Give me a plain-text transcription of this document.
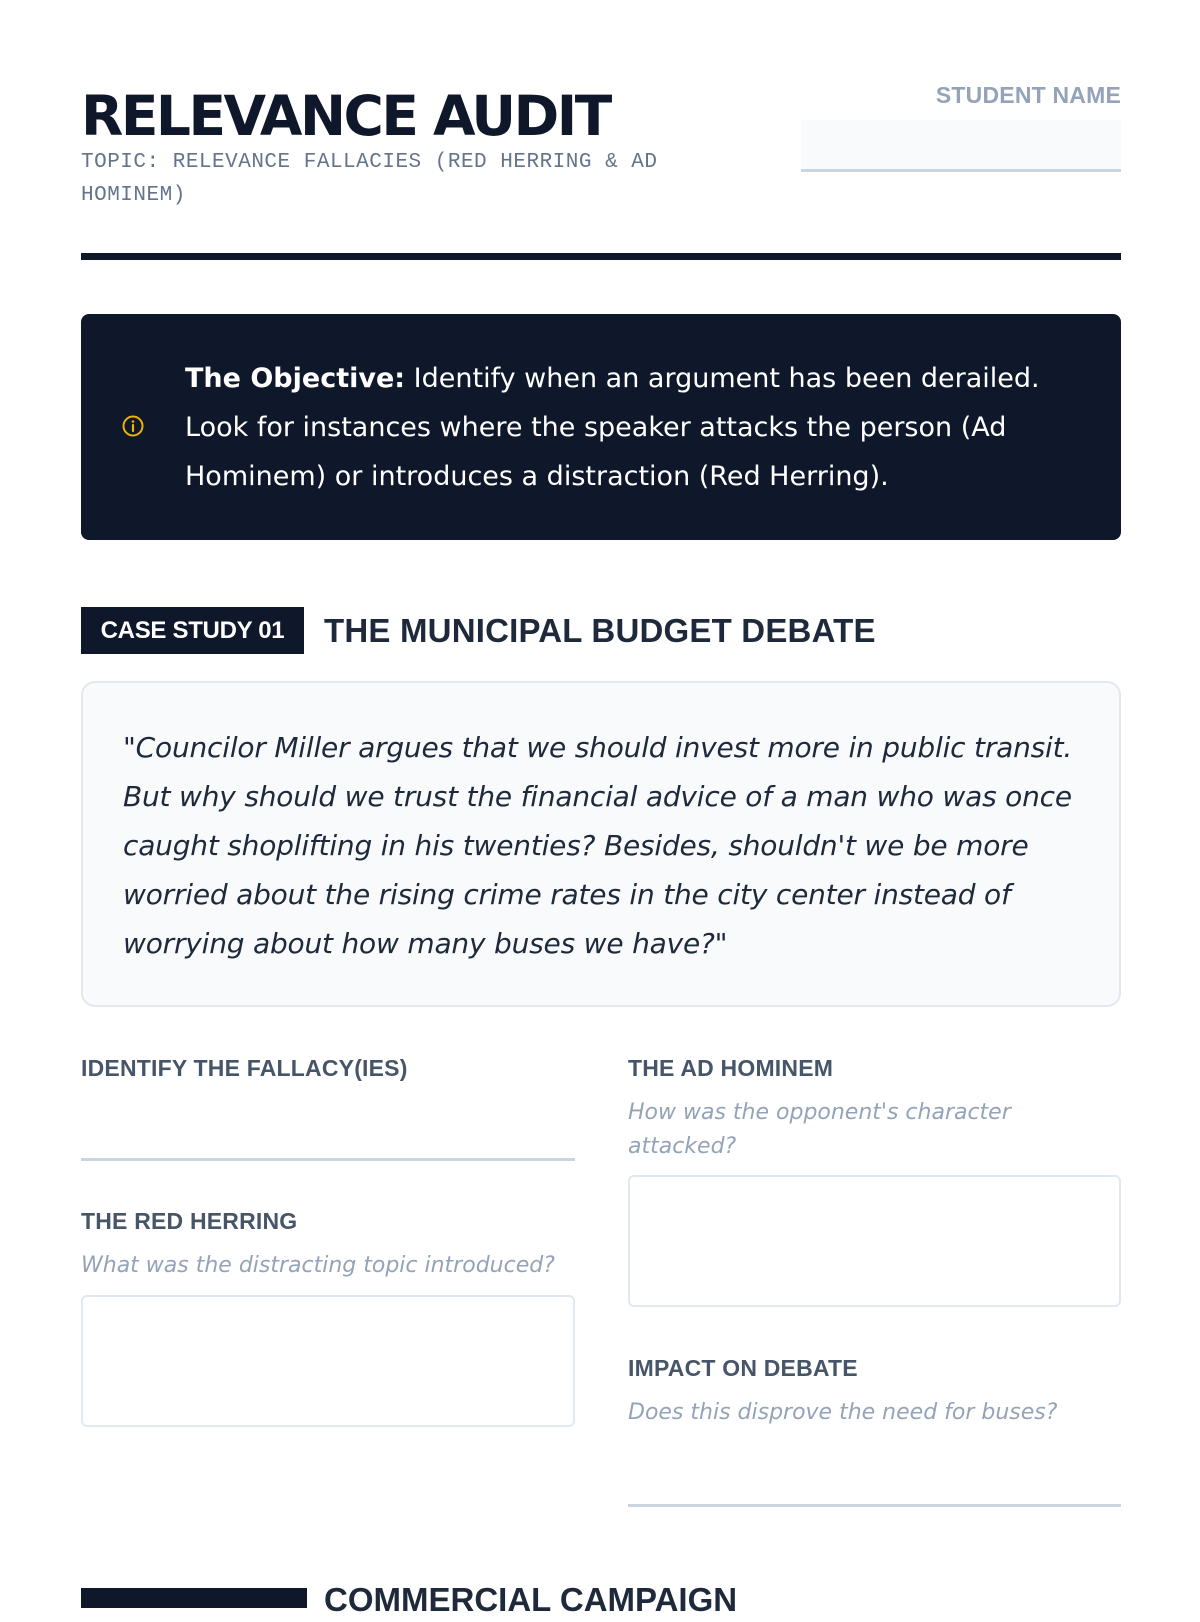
RELEVANCE AUDIT
TOPIC: RELEVANCE FALLACIES (RED HERRING & AD HOMINEM)
STUDENT NAME
The Objective: Identify when an argument has been derailed. Look for instances where the speaker attacks the person (Ad Hominem) or introduces a distraction (Red Herring).
CASE STUDY 01	THE MUNICIPAL BUDGET DEBATE
"Councilor Miller argues that we should invest more in public transit. But why should we trust the financial advice of a man who was once caught shoplifting in his twenties? Besides, shouldn't we be more worried about the rising crime rates in the city center instead of worrying about how many buses we have?"
IDENTIFY THE FALLACY(IES)
THE RED HERRING
What was the distracting topic introduced?
THE AD HOMINEM
How was the opponent's character attacked?
IMPACT ON DEBATE
Does this disprove the need for buses?
COMMERCIAL CAMPAIGN
